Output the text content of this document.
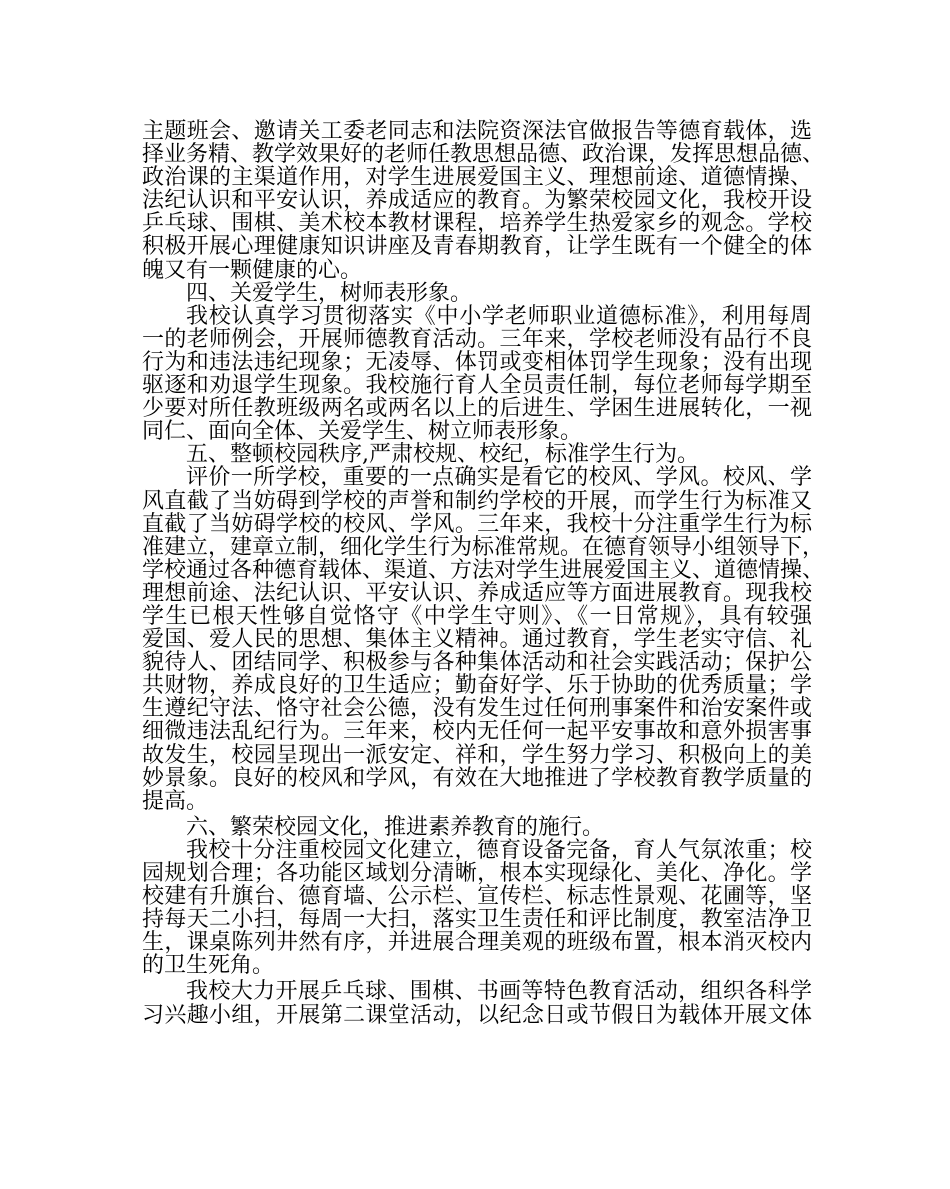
主题班会、邀请关工委老同志和法院资深法官做报告等德育载体，选
择业务精、教学效果好的老师任教思想品德、政治课，发挥思想品德、
政治课的主渠道作用，对学生进展爱国主义、理想前途、道德情操、
法纪认识和平安认识，养成适应的教育。为繁荣校园文化，我校开设
乒乓球、围棋、美术校本教材课程，培养学生热爱家乡的观念。学校
积极开展心理健康知识讲座及青春期教育，让学生既有一个健全的体
魄又有一颗健康的心。
四、关爱学生，树师表形象。
我校认真学习贯彻落实《中小学老师职业道德标准》，利用每周
一的老师例会，开展师德教育活动。三年来，学校老师没有品行不良
行为和违法违纪现象；无凌辱、体罚或变相体罚学生现象；没有出现
驱逐和劝退学生现象。我校施行育人全员责任制，每位老师每学期至
少要对所任教班级两名或两名以上的后进生、学困生进展转化，一视
同仁、面向全体、关爱学生、树立师表形象。
五、整顿校园秩序,严肃校规、校纪，标准学生行为。
评价一所学校，重要的一点确实是看它的校风、学风。校风、学
风直截了当妨碍到学校的声誉和制约学校的开展，而学生行为标准又
直截了当妨碍学校的校风、学风。三年来，我校十分注重学生行为标
准建立，建章立制，细化学生行为标准常规。在德育领导小组领导下，
学校通过各种德育载体、渠道、方法对学生进展爱国主义、道德情操、
理想前途、法纪认识、平安认识、养成适应等方面进展教育。现我校
学生已根天性够自觉恪守《中学生守则》、《一日常规》，具有较强
爱国、爱人民的思想、集体主义精神。通过教育，学生老实守信、礼
貌待人、团结同学、积极参与各种集体活动和社会实践活动；保护公
共财物，养成良好的卫生适应；勤奋好学、乐于协助的优秀质量；学
生遵纪守法、恪守社会公德，没有发生过任何刑事案件和治安案件或
细微违法乱纪行为。三年来，校内无任何一起平安事故和意外损害事
故发生，校园呈现出一派安定、祥和，学生努力学习、积极向上的美
妙景象。良好的校风和学风，有效在大地推进了学校教育教学质量的
提高。
六、繁荣校园文化，推进素养教育的施行。
我校十分注重校园文化建立，德育设备完备，育人气氛浓重；校
园规划合理；各功能区域划分清晰，根本实现绿化、美化、净化。学
校建有升旗台、德育墙、公示栏、宣传栏、标志性景观、花圃等，坚
持每天二小扫，每周一大扫，落实卫生责任和评比制度，教室洁净卫
生，课桌陈列井然有序，并进展合理美观的班级布置，根本消灭校内
的卫生死角。
我校大力开展乒乓球、围棋、书画等特色教育活动，组织各科学
习兴趣小组，开展第二课堂活动，以纪念日或节假日为载体开展文体
